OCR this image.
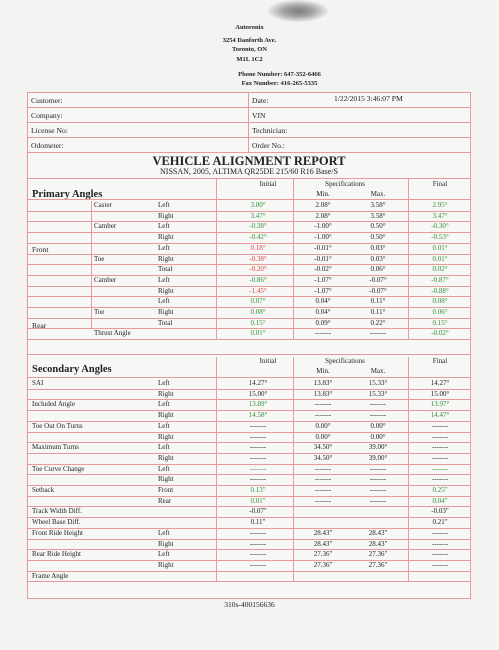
Autoronix
3254 Danforth Ave.
Toronto, ON
M1L 1C2
Phone Number: 647-352-6466
Fax Number: 416-265-5335
Customer:
Company:
License No:
Odometer:
Date:	1/22/2015 3:46:07 PM
VIN
Technician:
Order No.:
VEHICLE ALIGNMENT REPORT
NISSAN, 2005, ALTIMA QR25DE 215/60 R16 Base/S
Primary Angles
Initial	Specifications
Min.	Max.
Final
Front
Rear
Caster	Left	3.00°	2.08°	3.58°	2.95°
Right	3.47°	2.08°	3.58°	3.47°
Camber	Left	-0.38°	-1.00°	0.50°	-0.30°
Right	-0.42°	-1.00°	0.50°	-0.53°
Left	0.18°	-0.01°	0.03°	0.01°
Toe	Right	-0.38°	-0.01°	0.03°	0.01°
Total	-0.20°	-0.02°	0.06°	0.02°
Camber	Left	-0.86°	-1.07°	-0.07°	-0.87°
Right	-1.45°	-1.07°	-0.07°	-0.88°
Left	0.07°	0.04°	0.11°	0.08°
Toe	Right	0.08°	0.04°	0.11°	0.06°
Total	0.15°	0.09°	0.22°	0.15°
Thrust Angle	0.01°	-------	-------	-0.02°
Secondary Angles
Initial	Specifications
Min.	Max.
Final
SAI	Left	14.27°	13.83°	15.33°	14.27°
Right	15.00°	13.83°	15.33°	15.00°
Included Angle	Left	13.89°	-------	-------	13.97°
Right	14.58°	-------	-------	14.47°
Toe Out On Turns	Left	-------	0.00°	0.00°	-------
Right	-------	0.00°	0.00°	-------
Maximum Turns	Left	-------	34.50°	39.00°	-------
Right	-------	34.50°	39.00°	-------
Toe Curve Change	Left	-------	-------	-------	-------
Right	-------	-------	-------	-------
Setback	Front	0.13"	-------	-------	0.25"
Rear	0.01"	-------	-------	0.04"
Track Width Diff.	-0.07"	-0.03"
Wheel Base Diff.	0.11"	0.21"
Front Ride Height	Left	-------	28.43"	28.43"	-------
Right	-------	28.43"	28.43"	-------
Rear Ride Height	Left	-------	27.36"	27.36"	-------
Right	-------	27.36"	27.36"	-------
Frame Angle
310s-400156636
